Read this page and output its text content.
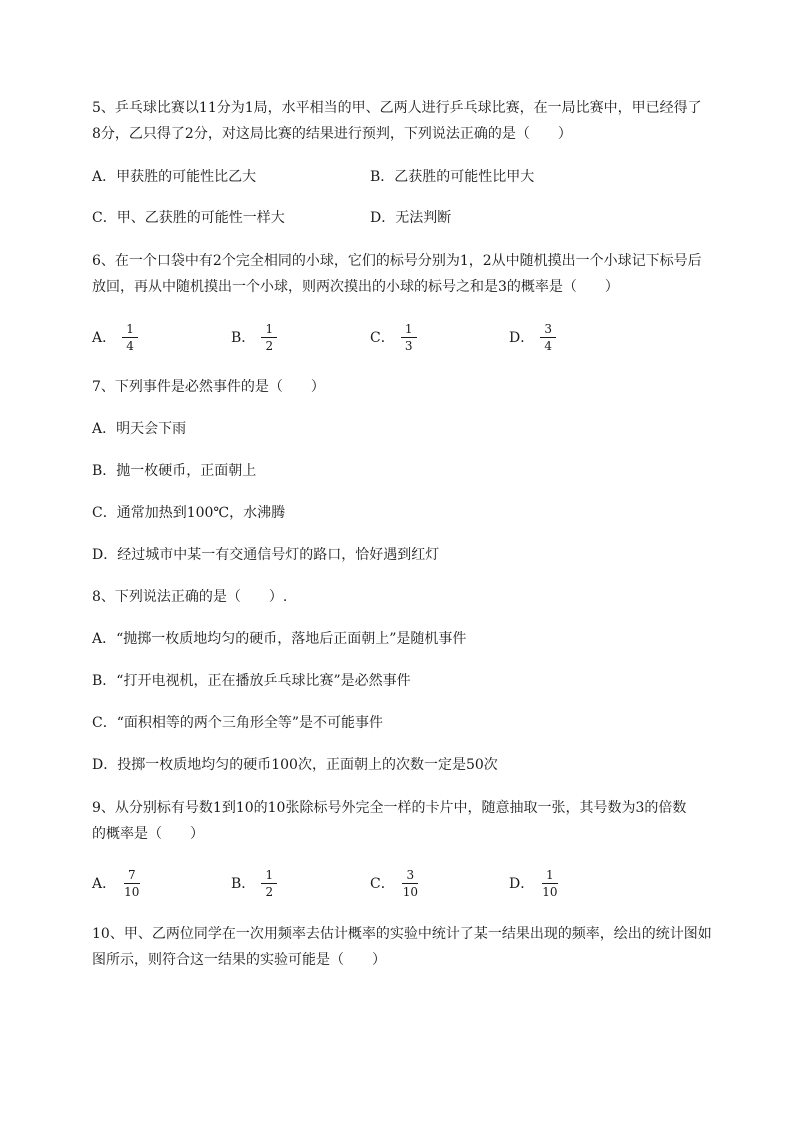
5、乒乓球比赛以11分为1局，水平相当的甲、乙两人进行乒乓球比赛，在一局比赛中，甲已经得了
8分，乙只得了2分，对这局比赛的结果进行预判，下列说法正确的是（　　）
A．甲获胜的可能性比乙大	B．乙获胜的可能性比甲大
C．甲、乙获胜的可能性一样大	D．无法判断
6、在一个口袋中有2个完全相同的小球，它们的标号分别为1，2从中随机摸出一个小球记下标号后
放回，再从中随机摸出一个小球，则两次摸出的小球的标号之和是3的概率是（　　）
A． $\frac{1}{4}$	B． $\frac{1}{2}$	C． $\frac{1}{3}$	D． $\frac{3}{4}$
7、下列事件是必然事件的是（　　）
A．明天会下雨
B．抛一枚硬币，正面朝上
C．通常加热到100℃，水沸腾
D．经过城市中某一有交通信号灯的路口，恰好遇到红灯
8、下列说法正确的是（　　）.
A．“抛掷一枚质地均匀的硬币，落地后正面朝上”是随机事件
B．“打开电视机，正在播放乒乓球比赛”是必然事件
C．“面积相等的两个三角形全等”是不可能事件
D．投掷一枚质地均匀的硬币100次，正面朝上的次数一定是50次
9、从分别标有号数1到10的10张除标号外完全一样的卡片中，随意抽取一张，其号数为3的倍数
的概率是（　　）
A． $\frac{7}{10}$	B． $\frac{1}{2}$	C． $\frac{3}{10}$	D． $\frac{1}{10}$
10、甲、乙两位同学在一次用频率去估计概率的实验中统计了某一结果出现的频率，绘出的统计图如
图所示，则符合这一结果的实验可能是（　　）
